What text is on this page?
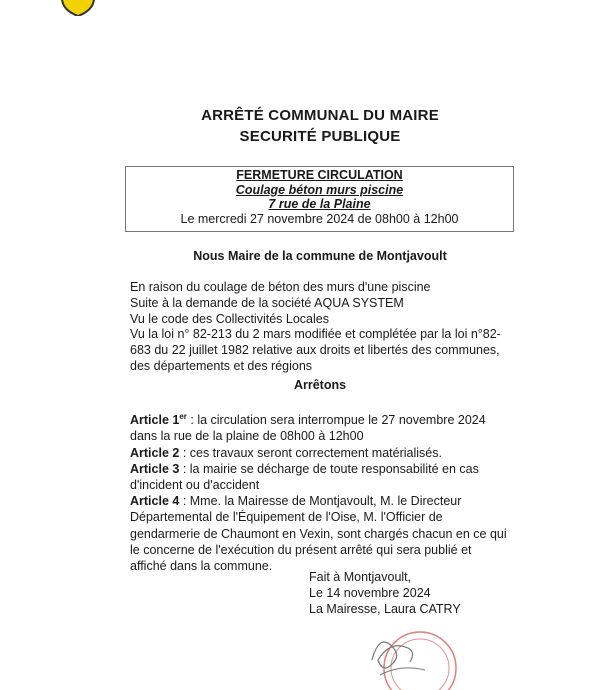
ARRÊTÉ COMMUNAL DU MAIRE
SECURITÉ PUBLIQUE
FERMETURE CIRCULATION
Coulage béton murs piscine
7 rue de la Plaine
Le mercredi 27 novembre 2024 de 08h00 à 12h00
Nous Maire de la commune de Montjavoult
En raison du coulage de béton des murs d'une piscine
Suite à la demande de la société AQUA SYSTEM
Vu le code des Collectivités Locales
Vu la loi n° 82-213 du 2 mars modifiée et complétée par la loi n°82-683 du 22 juillet 1982 relative aux droits et libertés des communes, des départements et des régions
Arrêtons
Article 1er : la circulation sera interrompue le 27 novembre 2024 dans la rue de la plaine de 08h00 à 12h00
Article 2 : ces travaux seront correctement matérialisés.
Article 3 : la mairie se décharge de toute responsabilité en cas d'incident ou d'accident
Article 4 : Mme. la Mairesse de Montjavoult, M. le Directeur Départemental de l'Équipement de l'Oise, M. l'Officier de gendarmerie de Chaumont en Vexin, sont chargés chacun en ce qui le concerne de l'exécution du présent arrêté qui sera publié et affiché dans la commune.
Fait à Montjavoult,
Le 14 novembre 2024
La Mairesse, Laura CATRY
